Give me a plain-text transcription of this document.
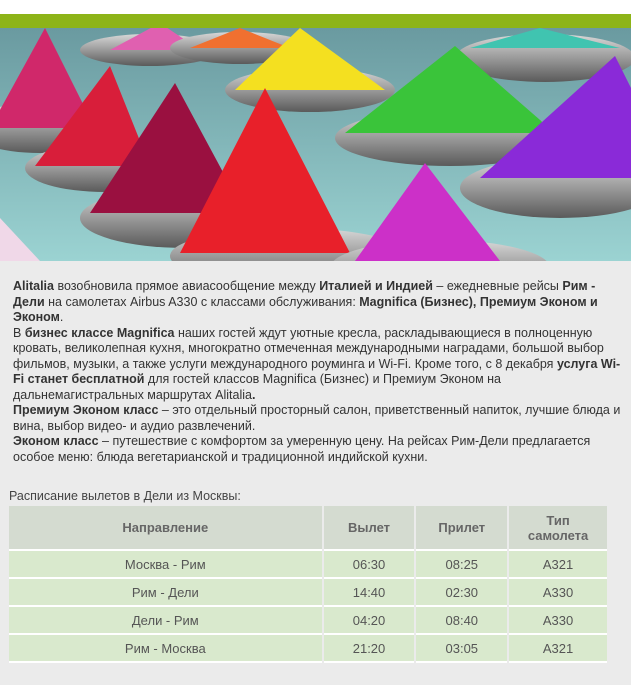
Alitalia возобновила прямое авиасообщение между Италией и Индией – ежедневные рейсы Рим - Дели на самолетах Airbus A330 с классами обслуживания: Magnifica (Бизнес), Премиум Эконом и Эконом.

В бизнес классе Magnifica наших гостей ждут уютные кресла, раскладывающиеся в полноценную кровать, великолепная кухня, многократно отмеченная международными наградами, большой выбор фильмов, музыки, а также услуги международного роуминга и Wi-Fi. Кроме того, с 8 декабря услуга Wi-Fi станет бесплатной для гостей классов Magnifica (Бизнес) и Премиум Эконом на дальнемагистральных маршрутах Alitalia.

Премиум Эконом класс – это отдельный просторный салон, приветственный напиток, лучшие блюда и вина, выбор видео- и аудио развлечений.

Эконом класс – путешествие с комфортом за умеренную цену. На рейсах Рим-Дели предлагается особое меню: блюда вегетарианской и традиционной индийской кухни.

Расписание вылетов в Дели из Москвы:
Направление	Вылет	Прилет	Тип
самолета
Москва - Рим	06:30	08:25	A321
Рим - Дели	14:40	02:30	A330
Дели - Рим	04:20	08:40	A330
Рим - Москва	21:20	03:05	A321
